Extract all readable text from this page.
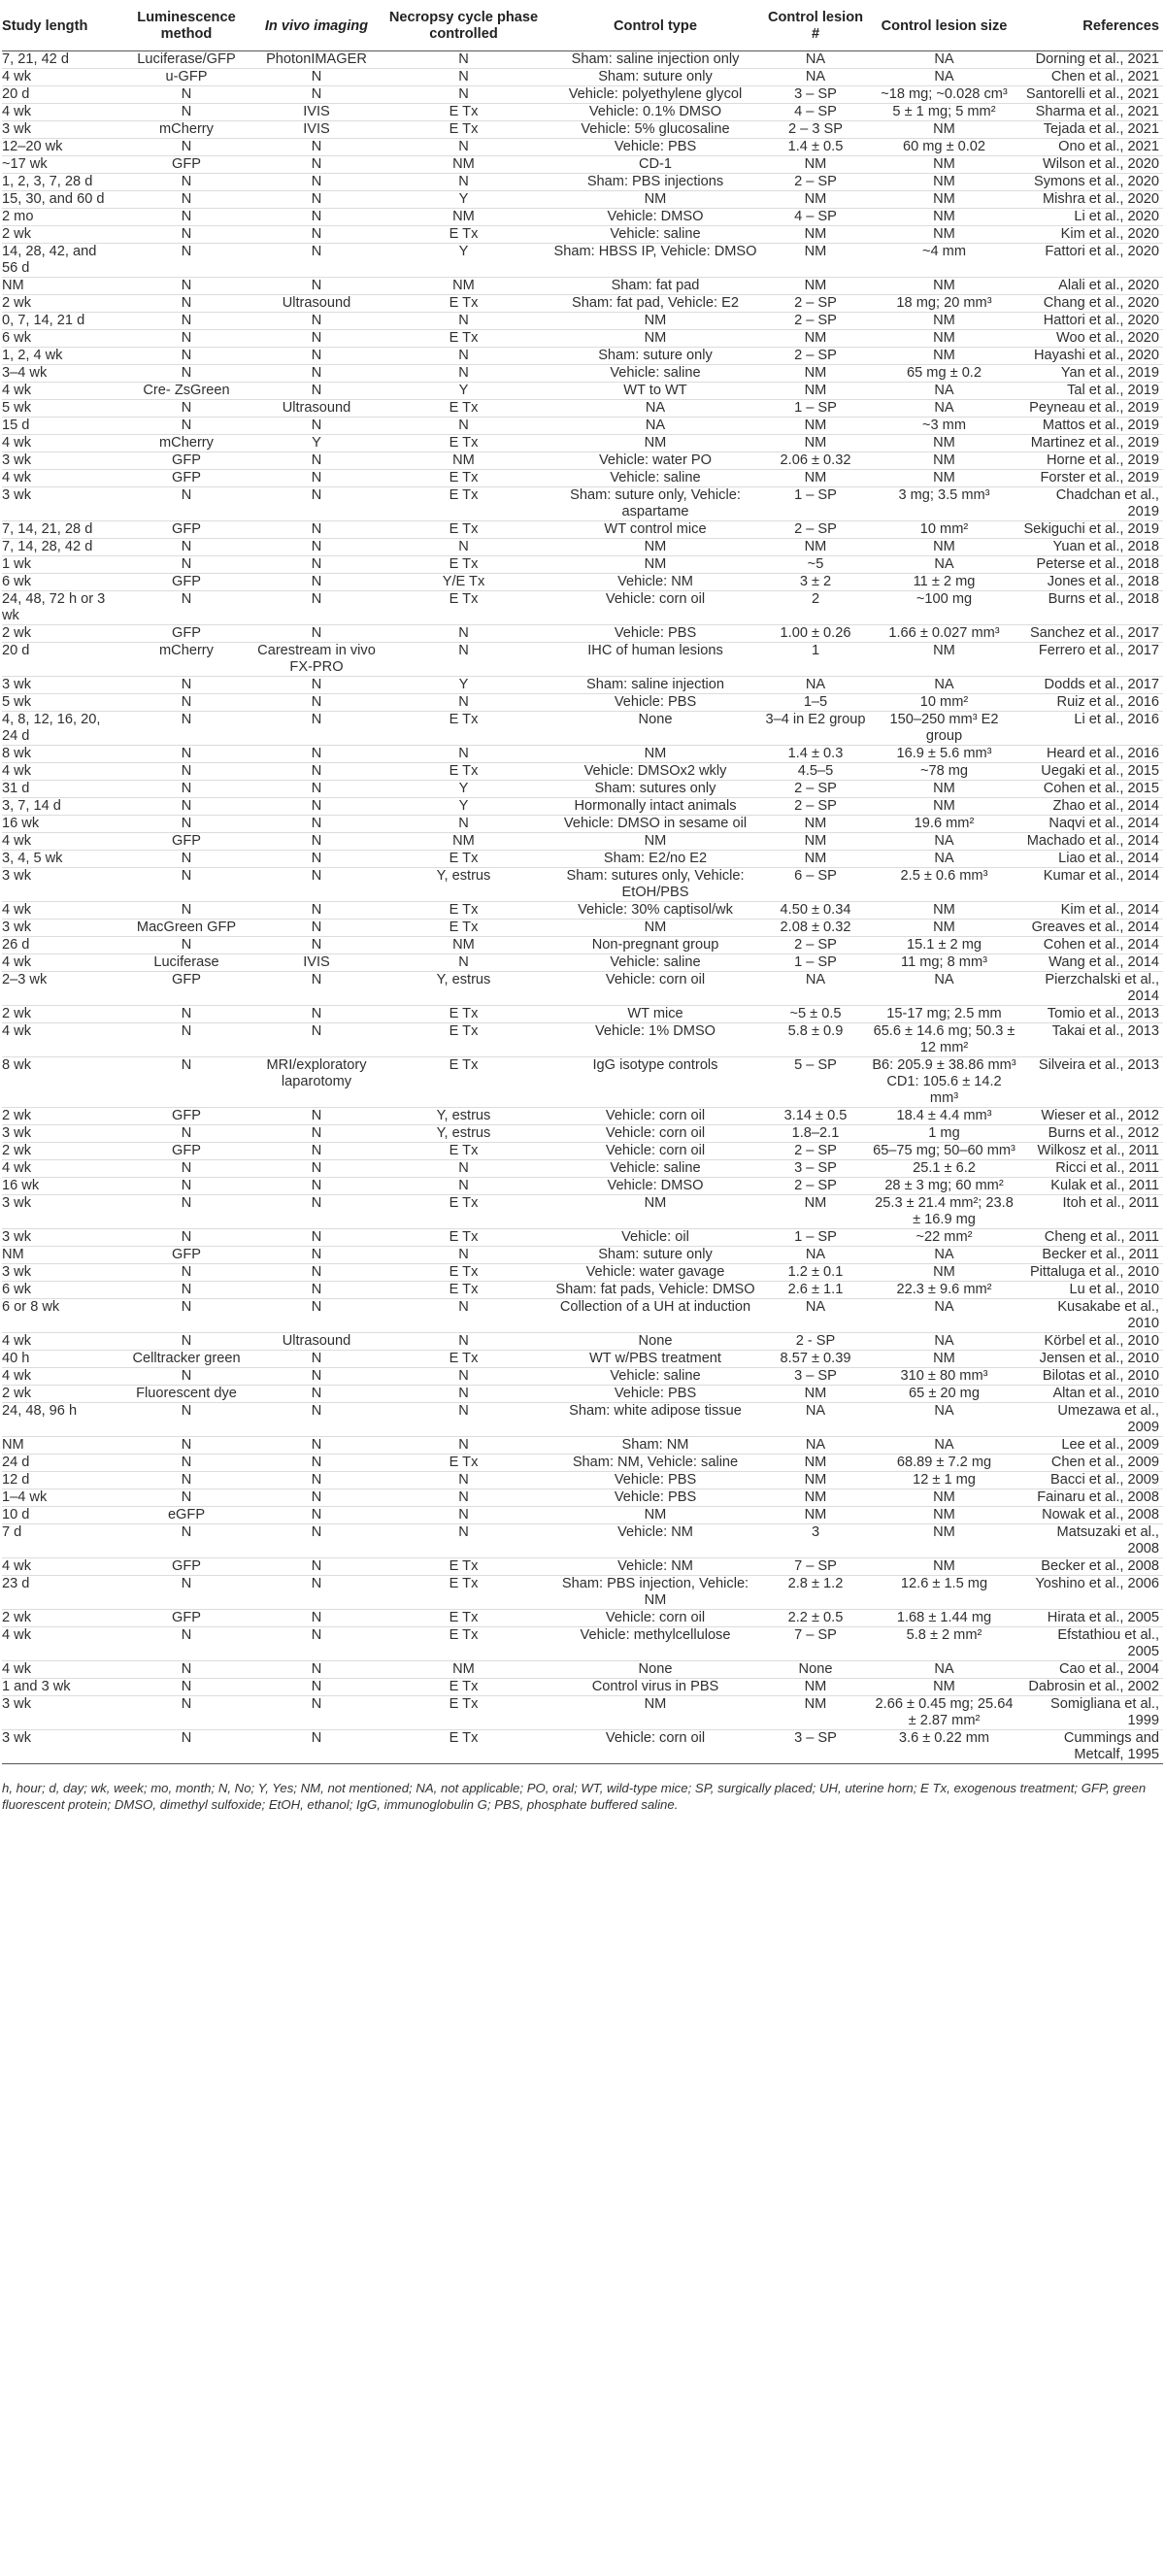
Study length	Luminescence method	In vivo imaging	Necropsy cycle phase controlled	Control type	Control lesion #	Control lesion size	References
7, 21, 42 d	Luciferase/GFP	PhotonIMAGER	N	Sham: saline injection only	NA	NA	Dorning et al., 2021
4 wk	u-GFP	N	N	Sham: suture only	NA	NA	Chen et al., 2021
20 d	N	N	N	Vehicle: polyethylene glycol	3 – SP	~18 mg; ~0.028 cm³	Santorelli et al., 2021
4 wk	N	IVIS	E Tx	Vehicle: 0.1% DMSO	4 – SP	5 ± 1 mg; 5 mm²	Sharma et al., 2021
3 wk	mCherry	IVIS	E Tx	Vehicle: 5% glucosaline	2 – 3 SP	NM	Tejada et al., 2021
12–20 wk	N	N	N	Vehicle: PBS	1.4 ± 0.5	60 mg ± 0.02	Ono et al., 2021
~17 wk	GFP	N	NM	CD-1	NM	NM	Wilson et al., 2020
1, 2, 3, 7, 28 d	N	N	N	Sham: PBS injections	2 – SP	NM	Symons et al., 2020
15, 30, and 60 d	N	N	Y	NM	NM	NM	Mishra et al., 2020
2 mo	N	N	NM	Vehicle: DMSO	4 – SP	NM	Li et al., 2020
2 wk	N	N	E Tx	Vehicle: saline	NM	NM	Kim et al., 2020
14, 28, 42, and 56 d	N	N	Y	Sham: HBSS IP, Vehicle: DMSO	NM	~4 mm	Fattori et al., 2020
NM	N	N	NM	Sham: fat pad	NM	NM	Alali et al., 2020
2 wk	N	Ultrasound	E Tx	Sham: fat pad, Vehicle: E2	2 – SP	18 mg; 20 mm³	Chang et al., 2020
0, 7, 14, 21 d	N	N	N	NM	2 – SP	NM	Hattori et al., 2020
6 wk	N	N	E Tx	NM	NM	NM	Woo et al., 2020
1, 2, 4 wk	N	N	N	Sham: suture only	2 – SP	NM	Hayashi et al., 2020
3–4 wk	N	N	N	Vehicle: saline	NM	65 mg ± 0.2	Yan et al., 2019
4 wk	Cre- ZsGreen	N	Y	WT to WT	NM	NA	Tal et al., 2019
5 wk	N	Ultrasound	E Tx	NA	1 – SP	NA	Peyneau et al., 2019
15 d	N	N	N	NA	NM	~3 mm	Mattos et al., 2019
4 wk	mCherry	Y	E Tx	NM	NM	NM	Martinez et al., 2019
3 wk	GFP	N	NM	Vehicle: water PO	2.06 ± 0.32	NM	Horne et al., 2019
4 wk	GFP	N	E Tx	Vehicle: saline	NM	NM	Forster et al., 2019
3 wk	N	N	E Tx	Sham: suture only, Vehicle: aspartame	1 – SP	3 mg; 3.5 mm³	Chadchan et al., 2019
7, 14, 21, 28 d	GFP	N	E Tx	WT control mice	2 – SP	10 mm²	Sekiguchi et al., 2019
7, 14, 28, 42 d	N	N	N	NM	NM	NM	Yuan et al., 2018
1 wk	N	N	E Tx	NM	~5	NA	Peterse et al., 2018
6 wk	GFP	N	Y/E Tx	Vehicle: NM	3 ± 2	11 ± 2 mg	Jones et al., 2018
24, 48, 72 h or 3 wk	N	N	E Tx	Vehicle: corn oil	2	~100 mg	Burns et al., 2018
2 wk	GFP	N	N	Vehicle: PBS	1.00 ± 0.26	1.66 ± 0.027 mm³	Sanchez et al., 2017
20 d	mCherry	Carestream in vivo FX-PRO	N	IHC of human lesions	1	NM	Ferrero et al., 2017
3 wk	N	N	Y	Sham: saline injection	NA	NA	Dodds et al., 2017
5 wk	N	N	N	Vehicle: PBS	1–5	10 mm²	Ruiz et al., 2016
4, 8, 12, 16, 20, 24 d	N	N	E Tx	None	3–4 in E2 group	150–250 mm³ E2 group	Li et al., 2016
8 wk	N	N	N	NM	1.4 ± 0.3	16.9 ± 5.6 mm³	Heard et al., 2016
4 wk	N	N	E Tx	Vehicle: DMSOx2 wkly	4.5–5	~78 mg	Uegaki et al., 2015
31 d	N	N	Y	Sham: sutures only	2 – SP	NM	Cohen et al., 2015
3, 7, 14 d	N	N	Y	Hormonally intact animals	2 – SP	NM	Zhao et al., 2014
16 wk	N	N	N	Vehicle: DMSO in sesame oil	NM	19.6 mm²	Naqvi et al., 2014
4 wk	GFP	N	NM	NM	NM	NA	Machado et al., 2014
3, 4, 5 wk	N	N	E Tx	Sham: E2/no E2	NM	NA	Liao et al., 2014
3 wk	N	N	Y, estrus	Sham: sutures only, Vehicle: EtOH/PBS	6 – SP	2.5 ± 0.6 mm³	Kumar et al., 2014
4 wk	N	N	E Tx	Vehicle: 30% captisol/wk	4.50 ± 0.34	NM	Kim et al., 2014
3 wk	MacGreen GFP	N	E Tx	NM	2.08 ± 0.32	NM	Greaves et al., 2014
26 d	N	N	NM	Non-pregnant group	2 – SP	15.1 ± 2 mg	Cohen et al., 2014
4 wk	Luciferase	IVIS	N	Vehicle: saline	1 – SP	11 mg; 8 mm³	Wang et al., 2014
2–3 wk	GFP	N	Y, estrus	Vehicle: corn oil	NA	NA	Pierzchalski et al., 2014
2 wk	N	N	E Tx	WT mice	~5 ± 0.5	15-17 mg; 2.5 mm	Tomio et al., 2013
4 wk	N	N	E Tx	Vehicle: 1% DMSO	5.8 ± 0.9	65.6 ± 14.6 mg; 50.3 ± 12 mm²	Takai et al., 2013
8 wk	N	MRI/exploratory laparotomy	E Tx	IgG isotype controls	5 – SP	B6: 205.9 ± 38.86 mm³ CD1: 105.6 ± 14.2 mm³	Silveira et al., 2013
2 wk	GFP	N	Y, estrus	Vehicle: corn oil	3.14 ± 0.5	18.4 ± 4.4 mm³	Wieser et al., 2012
3 wk	N	N	Y, estrus	Vehicle: corn oil	1.8–2.1	1 mg	Burns et al., 2012
2 wk	GFP	N	E Tx	Vehicle: corn oil	2 – SP	65–75 mg; 50–60 mm³	Wilkosz et al., 2011
4 wk	N	N	N	Vehicle: saline	3 – SP	25.1 ± 6.2	Ricci et al., 2011
16 wk	N	N	N	Vehicle: DMSO	2 – SP	28 ± 3 mg; 60 mm²	Kulak et al., 2011
3 wk	N	N	E Tx	NM	NM	25.3 ± 21.4 mm²; 23.8 ± 16.9 mg	Itoh et al., 2011
3 wk	N	N	E Tx	Vehicle: oil	1 – SP	~22 mm²	Cheng et al., 2011
NM	GFP	N	N	Sham: suture only	NA	NA	Becker et al., 2011
3 wk	N	N	E Tx	Vehicle: water gavage	1.2 ± 0.1	NM	Pittaluga et al., 2010
6 wk	N	N	E Tx	Sham: fat pads, Vehicle: DMSO	2.6 ± 1.1	22.3 ± 9.6 mm²	Lu et al., 2010
6 or 8 wk	N	N	N	Collection of a UH at induction	NA	NA	Kusakabe et al., 2010
4 wk	N	Ultrasound	N	None	2 - SP	NA	Körbel et al., 2010
40 h	Celltracker green	N	E Tx	WT w/PBS treatment	8.57 ± 0.39	NM	Jensen et al., 2010
4 wk	N	N	N	Vehicle: saline	3 – SP	310 ± 80 mm³	Bilotas et al., 2010
2 wk	Fluorescent dye	N	N	Vehicle: PBS	NM	65 ± 20 mg	Altan et al., 2010
24, 48, 96 h	N	N	N	Sham: white adipose tissue	NA	NA	Umezawa et al., 2009
NM	N	N	N	Sham: NM	NA	NA	Lee et al., 2009
24 d	N	N	E Tx	Sham: NM, Vehicle: saline	NM	68.89 ± 7.2 mg	Chen et al., 2009
12 d	N	N	N	Vehicle: PBS	NM	12 ± 1 mg	Bacci et al., 2009
1–4 wk	N	N	N	Vehicle: PBS	NM	NM	Fainaru et al., 2008
10 d	eGFP	N	N	NM	NM	NM	Nowak et al., 2008
7 d	N	N	N	Vehicle: NM	3	NM	Matsuzaki et al., 2008
4 wk	GFP	N	E Tx	Vehicle: NM	7 – SP	NM	Becker et al., 2008
23 d	N	N	E Tx	Sham: PBS injection, Vehicle: NM	2.8 ± 1.2	12.6 ± 1.5 mg	Yoshino et al., 2006
2 wk	GFP	N	E Tx	Vehicle: corn oil	2.2 ± 0.5	1.68 ± 1.44 mg	Hirata et al., 2005
4 wk	N	N	E Tx	Vehicle: methylcellulose	7 – SP	5.8 ± 2 mm²	Efstathiou et al., 2005
4 wk	N	N	NM	None	None	NA	Cao et al., 2004
1 and 3 wk	N	N	E Tx	Control virus in PBS	NM	NM	Dabrosin et al., 2002
3 wk	N	N	E Tx	NM	NM	2.66 ± 0.45 mg; 25.64 ± 2.87 mm²	Somigliana et al., 1999
3 wk	N	N	E Tx	Vehicle: corn oil	3 – SP	3.6 ± 0.22 mm	Cummings and Metcalf, 1995
h, hour; d, day; wk, week; mo, month; N, No; Y, Yes; NM, not mentioned; NA, not applicable; PO, oral; WT, wild-type mice; SP, surgically placed; UH, uterine horn; E Tx, exogenous treatment; GFP, green fluorescent protein; DMSO, dimethyl sulfoxide; EtOH, ethanol; IgG, immunoglobulin G; PBS, phosphate buffered saline.
